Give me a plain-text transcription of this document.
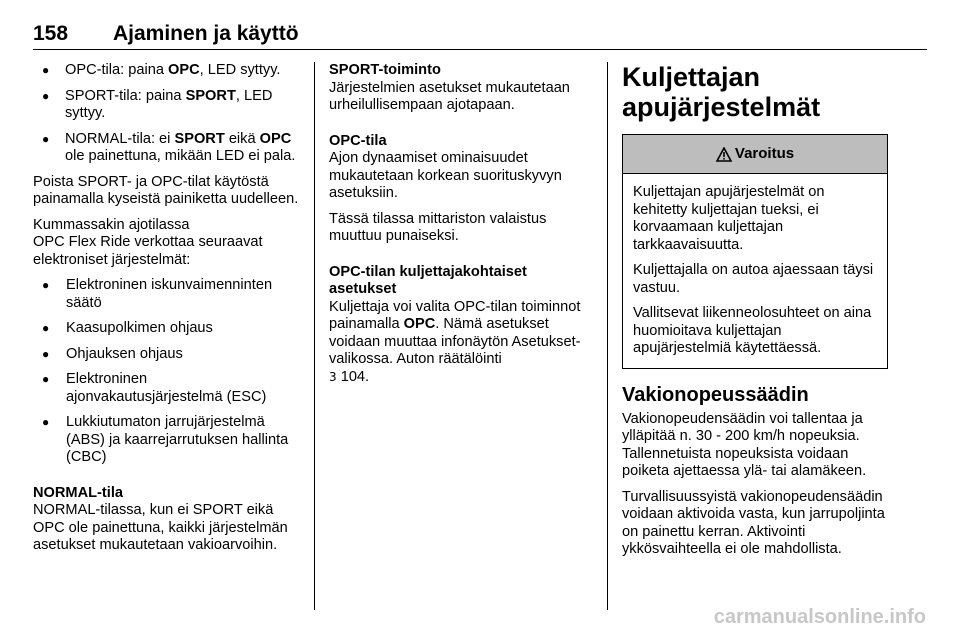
158 Ajaminen ja käyttö
● OPC-tila: paina OPC, LED syttyy.
● SPORT-tila: paina SPORT, LED syttyy.
● NORMAL-tila: ei SPORT eikä OPC ole painettuna, mikään LED ei pala.

Poista SPORT- ja OPC-tilat käytöstä painamalla kyseistä painiketta uudelleen.

Kummassakin ajotilassa
OPC Flex Ride verkottaa seuraavat elektroniset järjestelmät:

● Elektroninen iskunvaimenninten säätö
● Kaasupolkimen ohjaus
● Ohjauksen ohjaus
● Elektroninen ajonvakautusjärjestelmä (ESC)
● Lukkiutumaton jarrujärjestelmä (ABS) ja kaarrejarrutuksen hallinta (CBC)

NORMAL-tila
NORMAL-tilassa, kun ei SPORT eikä OPC ole painettuna, kaikki järjestelmän asetukset mukautetaan vakioarvoihin.

SPORT-toiminto
Järjestelmien asetukset mukautetaan urheilullisempaan ajotapaan.

OPC-tila
Ajon dynaamiset ominaisuudet mukautetaan korkean suorituskyvyn asetuksiin.

Tässä tilassa mittariston valaistus muuttuu punaiseksi.

OPC-tilan kuljettajakohtaiset asetukset
Kuljettaja voi valita OPC-tilan toiminnot painamalla OPC. Nämä asetukset voidaan muuttaa infonäytön Asetukset-valikossa. Auton räätälöinti
3 104.

Kuljettajan apujärjestelmät
Varoitus

Kuljettajan apujärjestelmät on kehitetty kuljettajan tueksi, ei korvaamaan kuljettajan tarkkaavaisuutta.

Kuljettajalla on autoa ajaessaan täysi vastuu.

Vallitsevat liikenneolosuhteet on aina huomioitava kuljettajan apujärjestelmiä käytettäessä.

Vakionopeussäädin

Vakionopeudensäädin voi tallentaa ja ylläpitää n. 30 - 200 km/h nopeuksia. Tallennetuista nopeuksista voidaan poiketa ajettaessa ylä- tai alamäkeen.

Turvallisuussyistä vakionopeudensäädin voidaan aktivoida vasta, kun jarrupoljinta on painettu kerran. Aktivointi ykkösvaihteella ei ole mahdollista.

carmanualsonline.info
